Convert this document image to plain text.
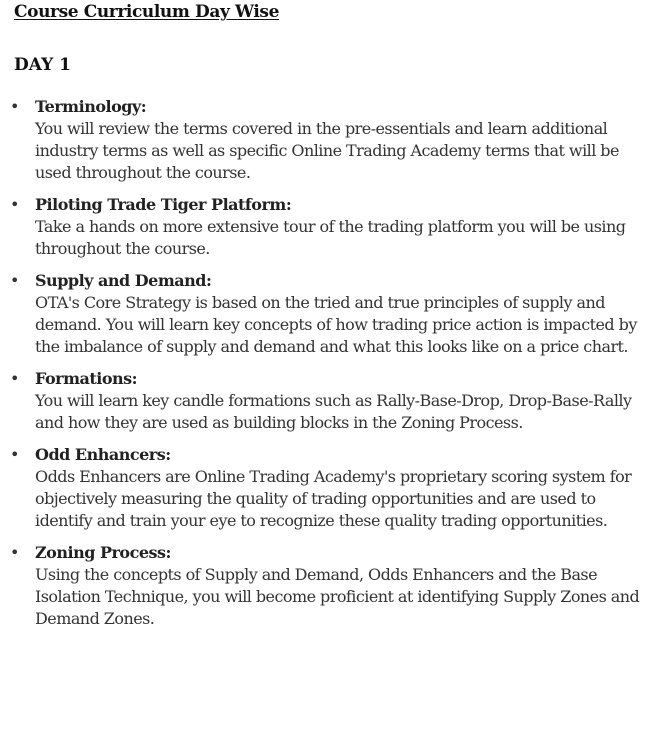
Course Curriculum Day Wise
DAY 1
• Terminology:
You will review the terms covered in the pre-essentials and learn additional industry terms as well as specific Online Trading Academy terms that will be used throughout the course.
• Piloting Trade Tiger Platform:
Take a hands on more extensive tour of the trading platform you will be using throughout the course.
• Supply and Demand:
OTA's Core Strategy is based on the tried and true principles of supply and demand. You will learn key concepts of how trading price action is impacted by the imbalance of supply and demand and what this looks like on a price chart.
• Formations:
You will learn key candle formations such as Rally-Base-Drop, Drop-Base-Rally and how they are used as building blocks in the Zoning Process.
• Odd Enhancers:
Odds Enhancers are Online Trading Academy's proprietary scoring system for objectively measuring the quality of trading opportunities and are used to identify and train your eye to recognize these quality trading opportunities.
• Zoning Process:
Using the concepts of Supply and Demand, Odds Enhancers and the Base Isolation Technique, you will become proficient at identifying Supply Zones and Demand Zones.
